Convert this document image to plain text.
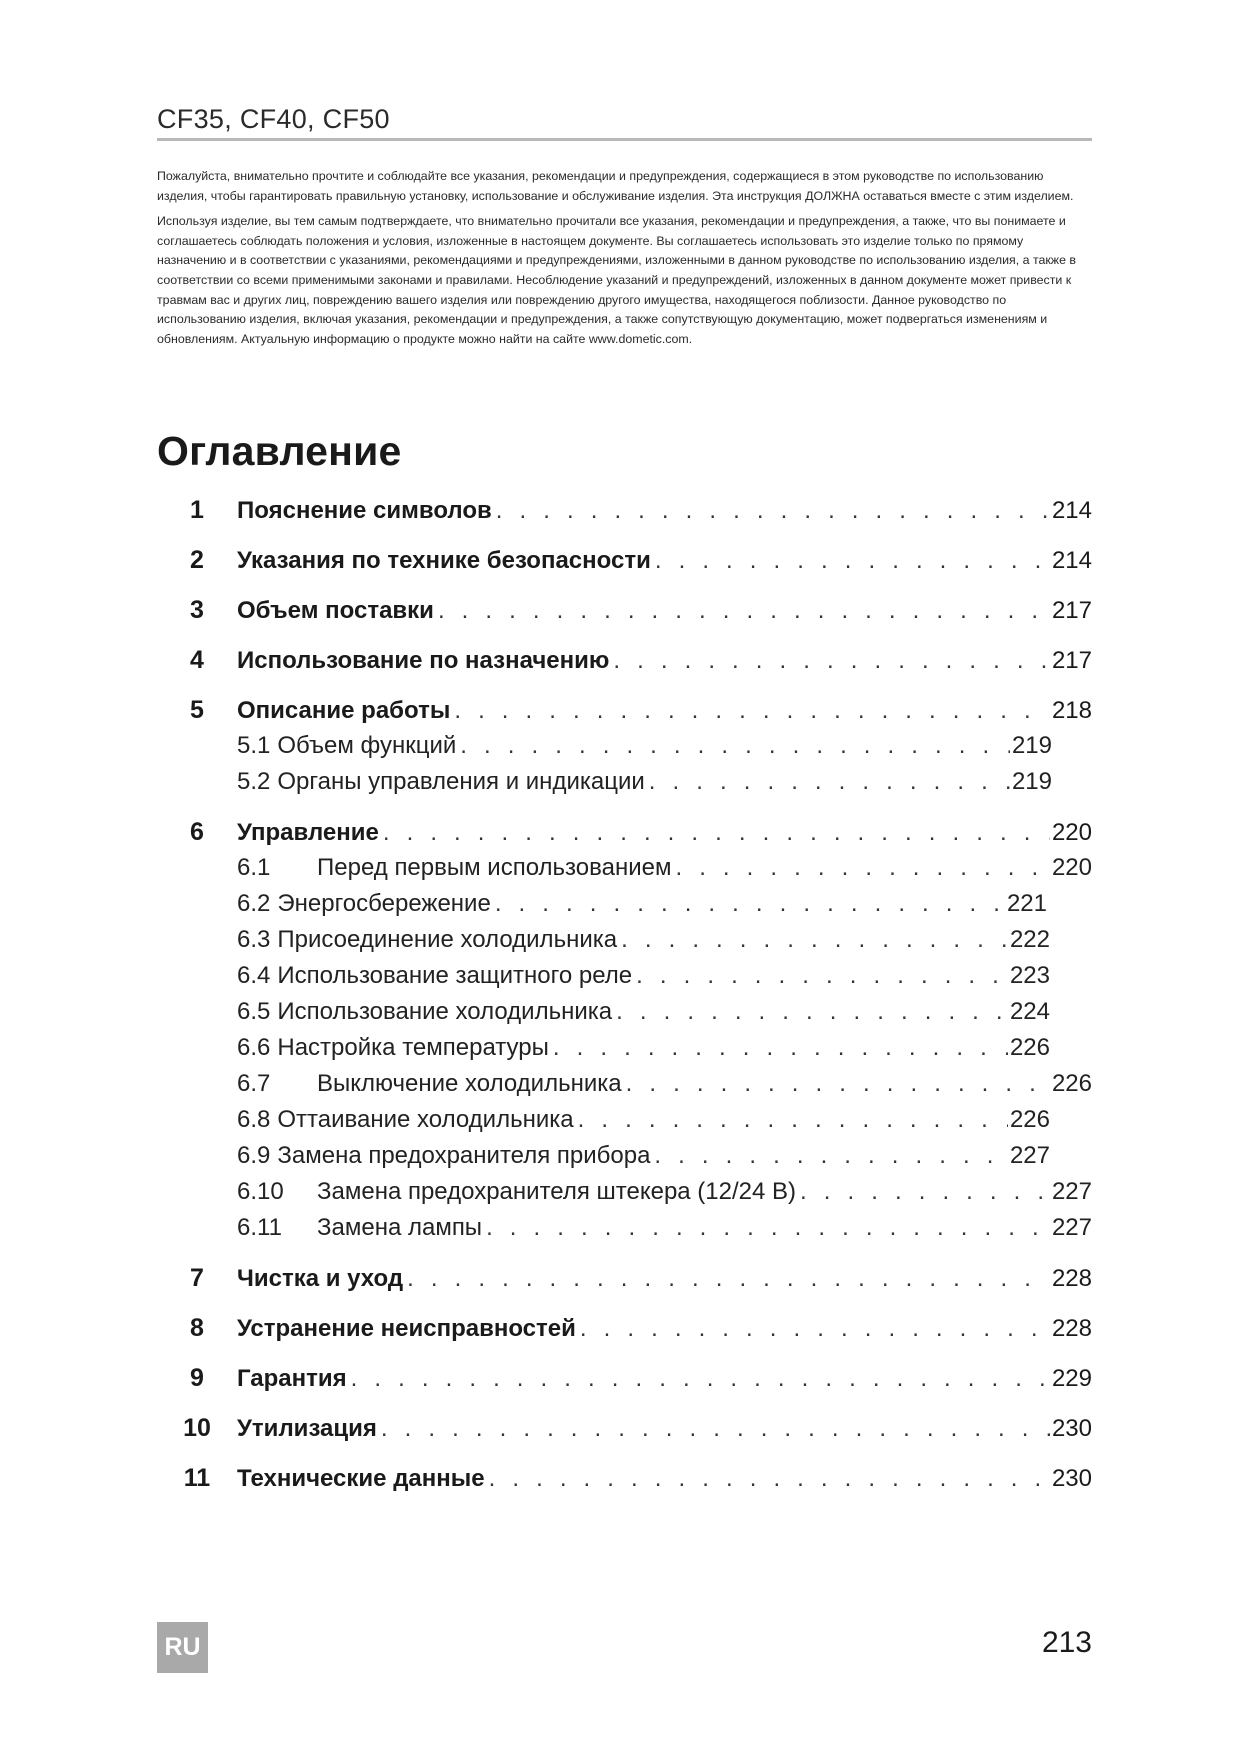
CF35, CF40, CF50

Пожалуйста, внимательно прочтите и соблюдайте все указания, рекомендации и предупреждения, содержащиеся в этом руководстве по использованию изделия, чтобы гарантировать правильную установку, использование и обслуживание изделия. Эта инструкция ДОЛЖНА оставаться вместе с этим изделием.

Используя изделие, вы тем самым подтверждаете, что внимательно прочитали все указания, рекомендации и предупреждения, а также, что вы понимаете и соглашаетесь соблюдать положения и условия, изложенные в настоящем документе. Вы соглашаетесь использовать это изделие только по прямому назначению и в соответствии с указаниями, рекомендациями и предупреждениями, изложенными в данном руководстве по использованию изделия, а также в соответствии со всеми применимыми законами и правилами. Несоблюдение указаний и предупреждений, изложенных в данном документе может привести к травмам вас и других лиц, повреждению вашего изделия или повреждению другого имущества, находящегося поблизости. Данное руководство по использованию изделия, включая указания, рекомендации и предупреждения, а также сопутствующую документацию, может подвергаться изменениям и обновлениям. Актуальную информацию о продукте можно найти на сайте www.dometic.com.

Оглавление
1	Пояснение символов . . .	214
2	Указания по технике безопасности . . .	214
3	Объем поставки . . .	217
4	Использование по назначению . . .	217
5	Описание работы . . .	218
5.1 Объем функций . . .	219
5.2 Органы управления и индикации . . .	219
6	Управление . . .	220
6.1	Перед первым использованием . . .	220
6.2 Энергосбережение . . .	221
6.3 Присоединение холодильника . . .	222
6.4 Использование защитного реле . . .	223
6.5 Использование холодильника . . .	224
6.6 Настройка температуры . . .	226
6.7	Выключение холодильника . . .	226
6.8 Оттаивание холодильника . . .	226
6.9 Замена предохранителя прибора . . .	227
6.10	Замена предохранителя штекера (12/24 В) . . .	227
6.11	Замена лампы . . .	227
7	Чистка и уход . . .	228
8	Устранение неисправностей . . .	228
9	Гарантия . . .	229
10	Утилизация . . .	230
11	Технические данные . . .	230
RU	213
